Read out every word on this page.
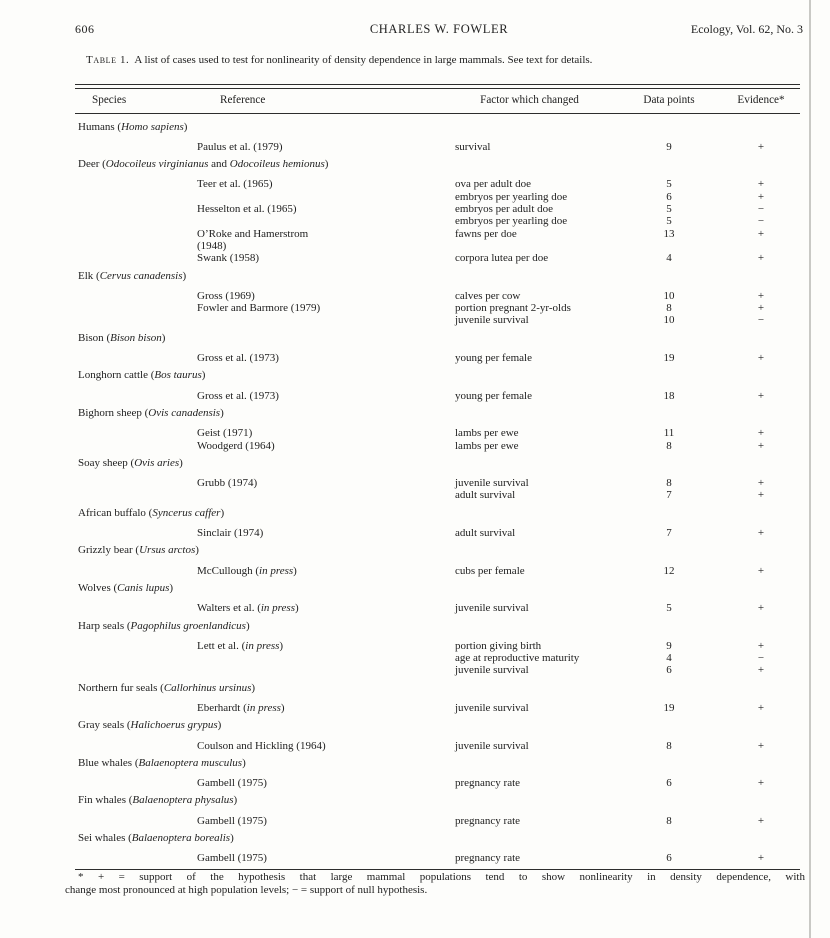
606	CHARLES W. FOWLER	Ecology, Vol. 62, No. 3

Table 1. A list of cases used to test for nonlinearity of density dependence in large mammals. See text for details.

Species	Reference	Factor which changed	Data points	Evidence*
Humans (Homo sapiens)
Paulus et al. (1979)	survival	9	+
Deer (Odocoileus virginianus and Odocoileus hemionus)
Teer et al. (1965)	ova per adult doe	5	+
embryos per yearling doe	6	+
Hesselton et al. (1965)	embryos per adult doe	5	−
embryos per yearling doe	5	−
O’Roke and Hamerstrom	fawns per doe	13	+
(1948)
Swank (1958)	corpora lutea per doe	4	+
Elk (Cervus canadensis)
Gross (1969)	calves per cow	10	+
Fowler and Barmore (1979)	portion pregnant 2-yr-olds	8	+
juvenile survival	10	−
Bison (Bison bison)
Gross et al. (1973)	young per female	19	+
Longhorn cattle (Bos taurus)
Gross et al. (1973)	young per female	18	+
Bighorn sheep (Ovis canadensis)
Geist (1971)	lambs per ewe	11	+
Woodgerd (1964)	lambs per ewe	8	+
Soay sheep (Ovis aries)
Grubb (1974)	juvenile survival	8	+
adult survival	7	+
African buffalo (Syncerus caffer)
Sinclair (1974)	adult survival	7	+
Grizzly bear (Ursus arctos)
McCullough (in press)	cubs per female	12	+
Wolves (Canis lupus)
Walters et al. (in press)	juvenile survival	5	+
Harp seals (Pagophilus groenlandicus)
Lett et al. (in press)	portion giving birth	9	+
age at reproductive maturity	4	−
juvenile survival	6	+
Northern fur seals (Callorhinus ursinus)
Eberhardt (in press)	juvenile survival	19	+
Gray seals (Halichoerus grypus)
Coulson and Hickling (1964)	juvenile survival	8	+
Blue whales (Balaenoptera musculus)
Gambell (1975)	pregnancy rate	6	+
Fin whales (Balaenoptera physalus)
Gambell (1975)	pregnancy rate	8	+
Sei whales (Balaenoptera borealis)
Gambell (1975)	pregnancy rate	6	+

* + = support of the hypothesis that large mammal populations tend to show nonlinearity in density dependence, with

change most pronounced at high population levels; − = support of null hypothesis.
